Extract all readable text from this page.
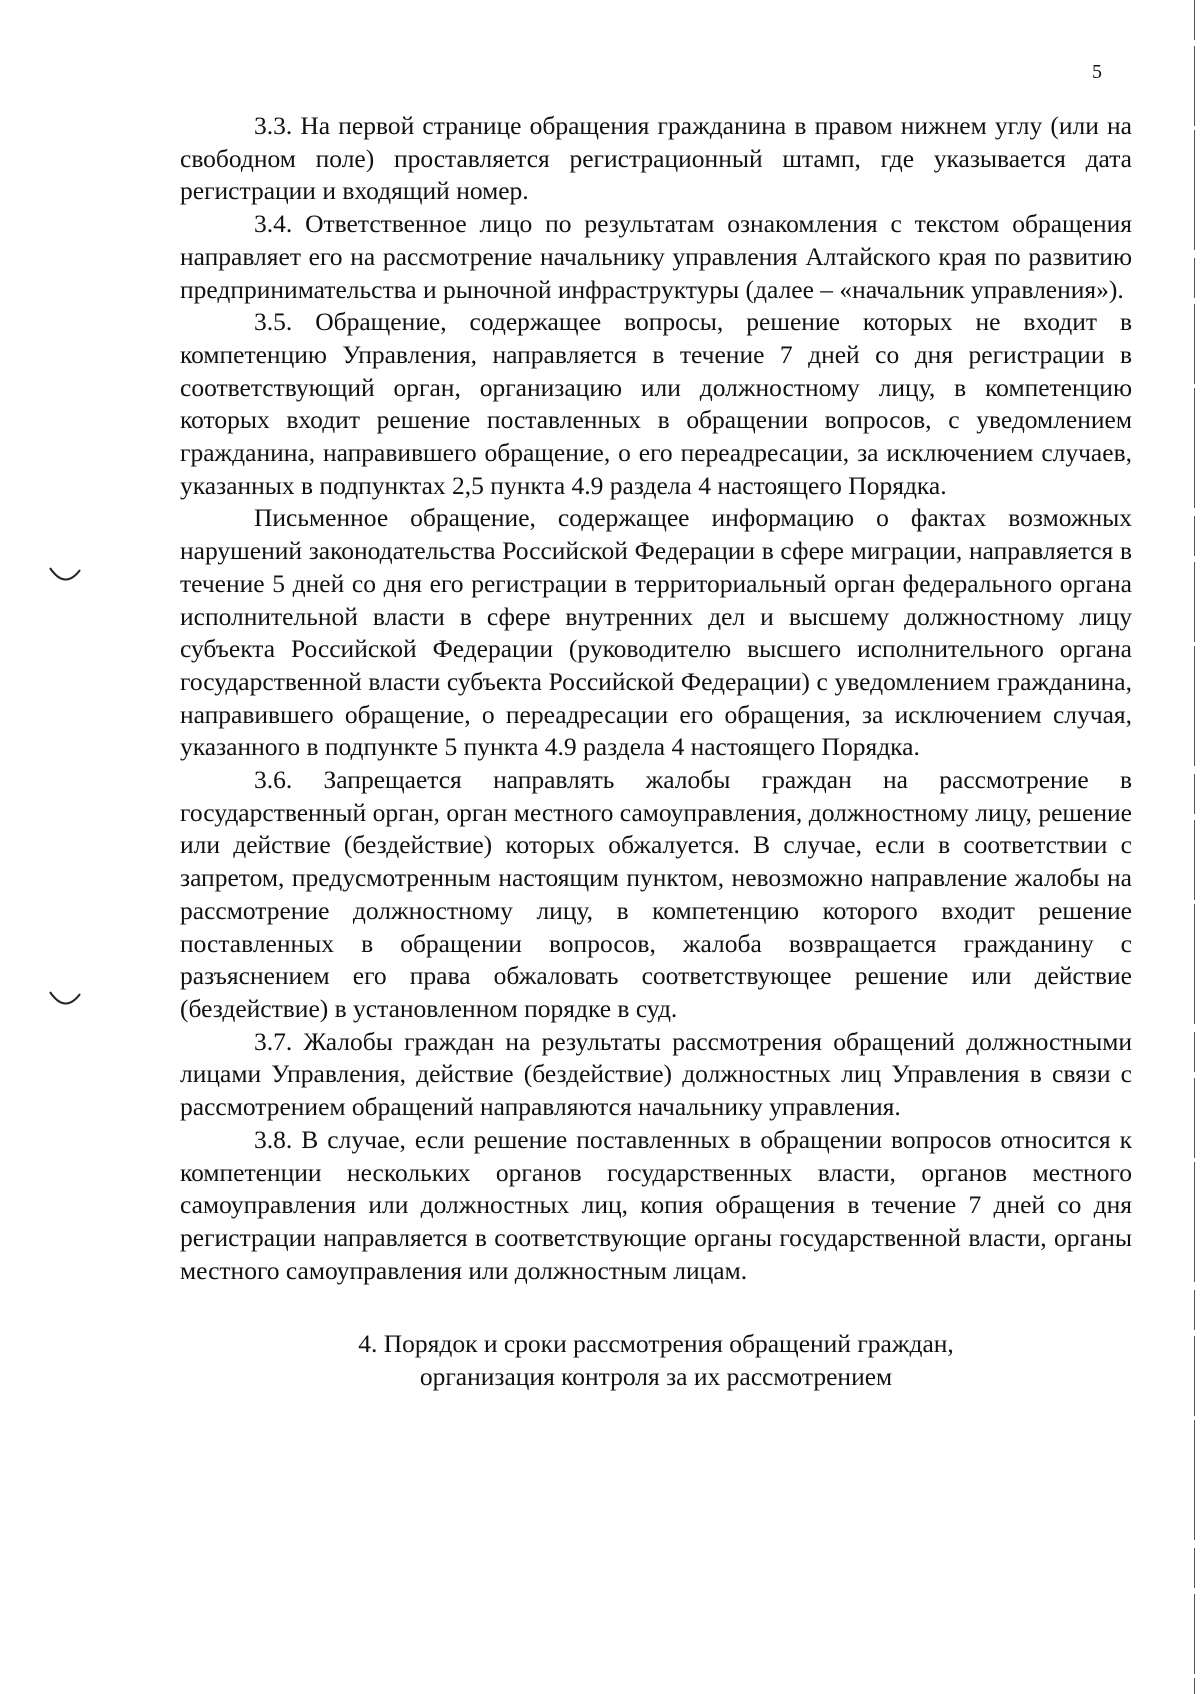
5

3.3. На первой странице обращения гражданина в правом нижнем углу (или на свободном поле) проставляется регистрационный штамп, где указывается дата регистрации и входящий номер.

3.4. Ответственное лицо по результатам ознакомления с текстом обращения направляет его на рассмотрение начальнику управления Алтайского края по развитию предпринимательства и рыночной инфраструктуры (далее – «начальник управления»).

3.5. Обращение, содержащее вопросы, решение которых не входит в компетенцию Управления, направляется в течение 7 дней со дня регистрации в соответствующий орган, организацию или должностному лицу, в компетенцию которых входит решение поставленных в обращении вопросов, с уведомлением гражданина, направившего обращение, о его переадресации, за исключением случаев, указанных в подпунктах 2,5 пункта 4.9 раздела 4 настоящего Порядка.

Письменное обращение, содержащее информацию о фактах возможных нарушений законодательства Российской Федерации в сфере миграции, направляется в течение 5 дней со дня его регистрации в территориальный орган федерального органа исполнительной власти в сфере внутренних дел и высшему должностному лицу субъекта Российской Федерации (руководителю высшего исполнительного органа государственной власти субъекта Российской Федерации) с уведомлением гражданина, направившего обращение, о переадресации его обращения, за исключением случая, указанного в подпункте 5 пункта 4.9 раздела 4 настоящего Порядка.

3.6. Запрещается направлять жалобы граждан на рассмотрение в государственный орган, орган местного самоуправления, должностному лицу, решение или действие (бездействие) которых обжалуется. В случае, если в соответствии с запретом, предусмотренным настоящим пунктом, невозможно направление жалобы на рассмотрение должностному лицу, в компетенцию которого входит решение поставленных в обращении вопросов, жалоба возвращается гражданину с разъяснением его права обжаловать соответствующее решение или действие (бездействие) в установленном порядке в суд.

3.7. Жалобы граждан на результаты рассмотрения обращений должностными лицами Управления, действие (бездействие) должностных лиц Управления в связи с рассмотрением обращений направляются начальнику управления.

3.8. В случае, если решение поставленных в обращении вопросов относится к компетенции нескольких органов государственных власти, органов местного самоуправления или должностных лиц, копия обращения в течение 7 дней со дня регистрации направляется в соответствующие органы государственной власти, органы местного самоуправления или должностным лицам.

4. Порядок и сроки рассмотрения обращений граждан,
организация контроля за их рассмотрением
